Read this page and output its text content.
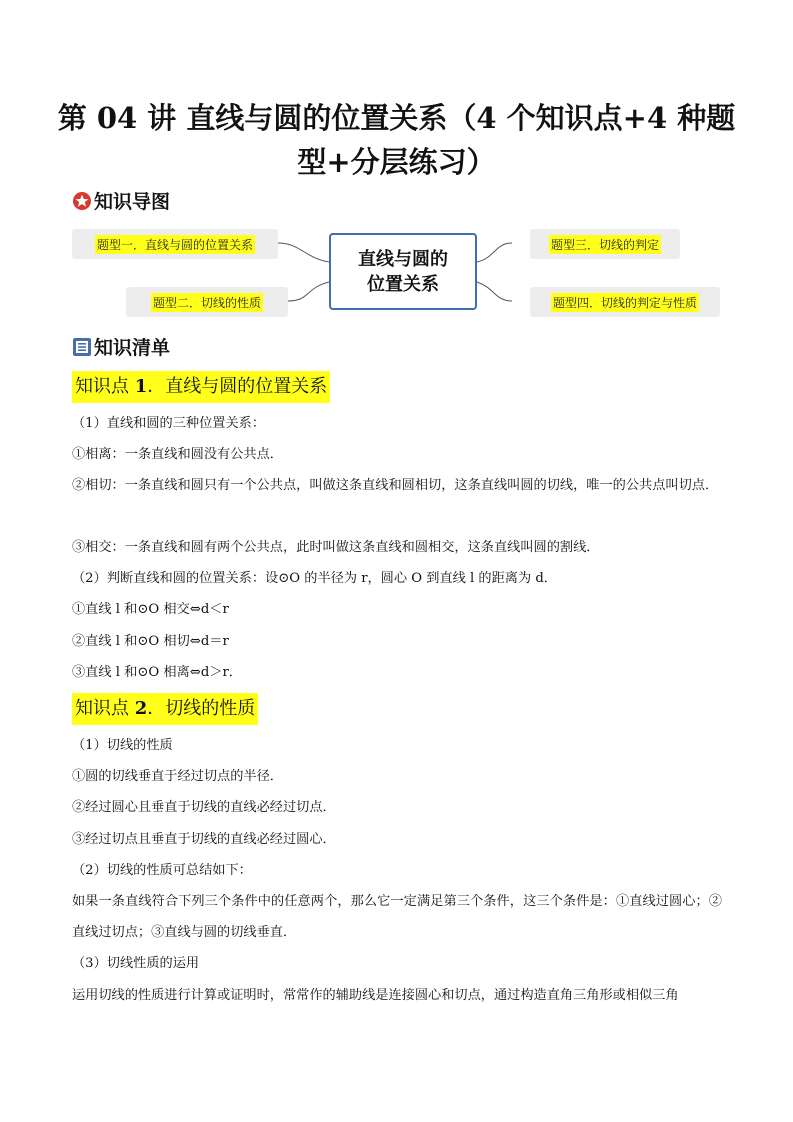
第 04 讲 直线与圆的位置关系（4 个知识点+4 种题
型+分层练习）
知识导图
题型一．直线与圆的位置关系
题型二．切线的性质
题型三．切线的判定
题型四．切线的判定与性质
直线与圆的
位置关系
知识清单
知识点 1．直线与圆的位置关系
（1）直线和圆的三种位置关系：
①相离：一条直线和圆没有公共点．
②相切：一条直线和圆只有一个公共点，叫做这条直线和圆相切，这条直线叫圆的切线，唯一的公共点叫切点．
③相交：一条直线和圆有两个公共点，此时叫做这条直线和圆相交，这条直线叫圆的割线．
（2）判断直线和圆的位置关系：设⊙O 的半径为 r，圆心 O 到直线 l 的距离为 d．
①直线 l 和⊙O 相交⇔d＜r
②直线 l 和⊙O 相切⇔d＝r
③直线 l 和⊙O 相离⇔d＞r．
知识点 2．切线的性质
（1）切线的性质
①圆的切线垂直于经过切点的半径．
②经过圆心且垂直于切线的直线必经过切点．
③经过切点且垂直于切线的直线必经过圆心．
（2）切线的性质可总结如下：
如果一条直线符合下列三个条件中的任意两个，那么它一定满足第三个条件，这三个条件是：①直线过圆心；②直线过切点；③直线与圆的切线垂直．
（3）切线性质的运用
运用切线的性质进行计算或证明时，常常作的辅助线是连接圆心和切点，通过构造直角三角形或相似三角
